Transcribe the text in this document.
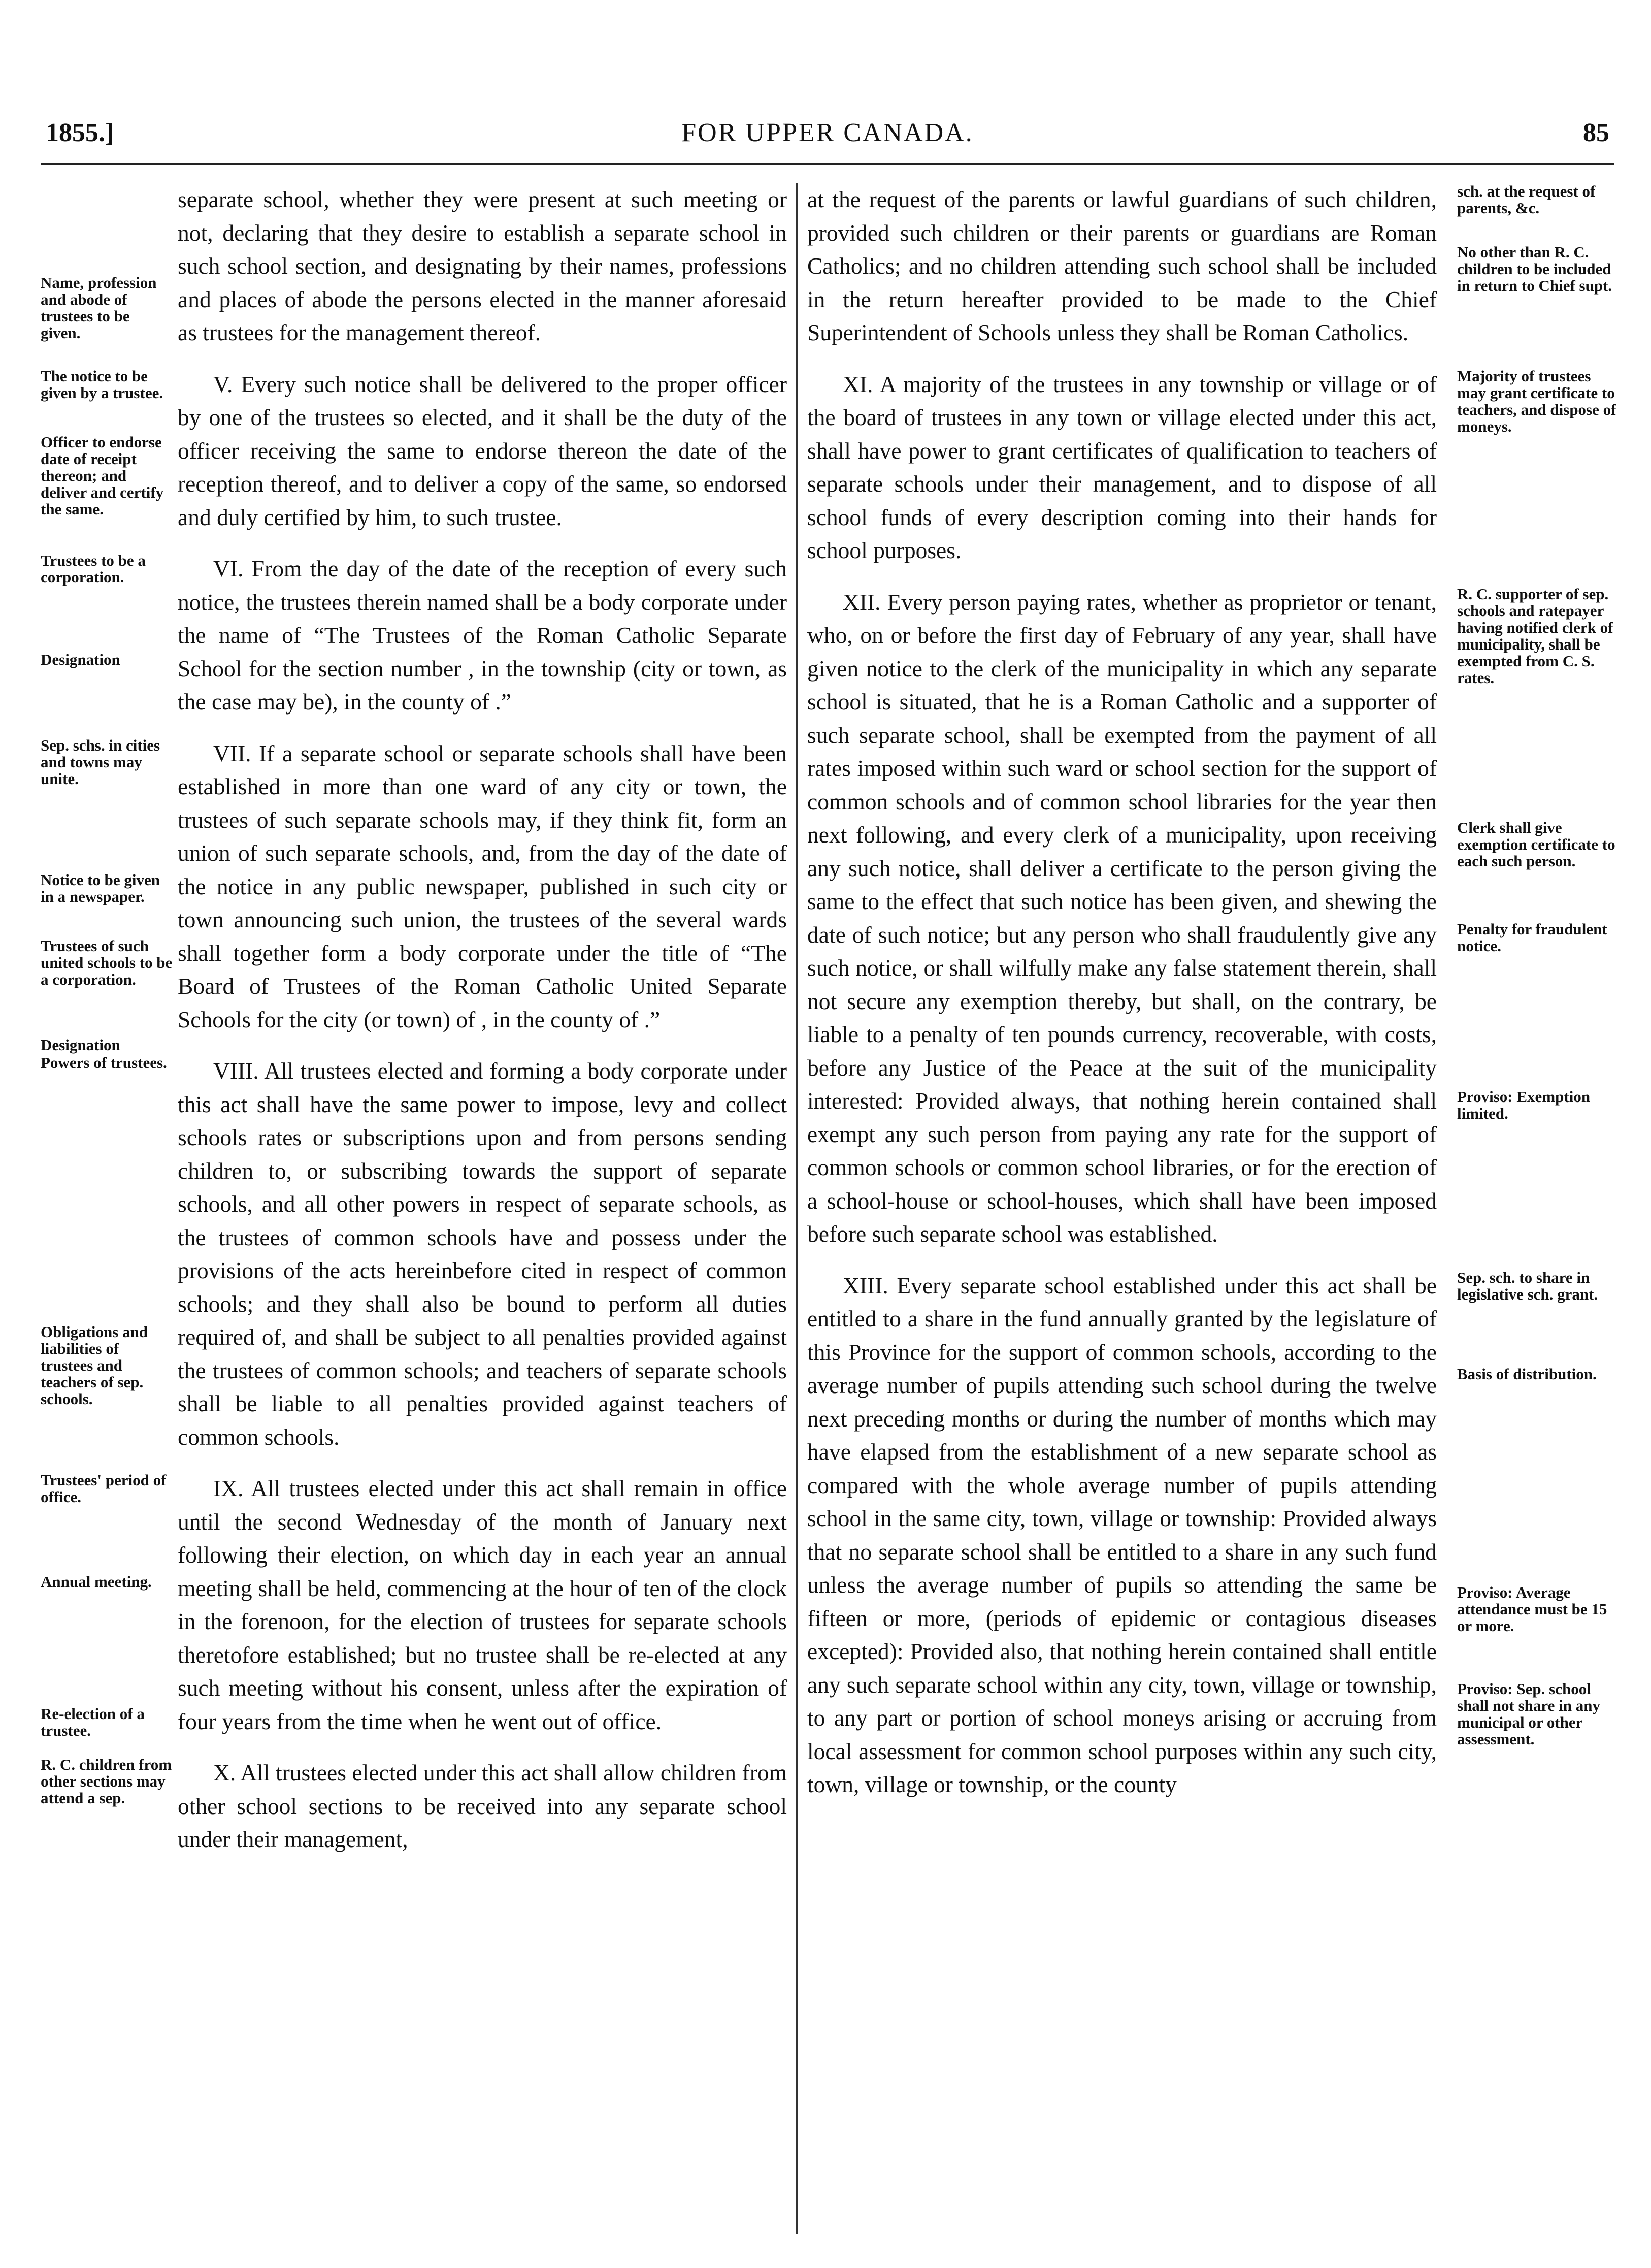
1855.]	FOR UPPER CANADA.	85

separate school, whether they were present at such meeting or not, declaring that they desire to establish a separate school in such school section, and designating by their names, professions and places of abode the persons elected in the manner aforesaid as trustees for the management thereof.

Name, profession and abode of trustees to be given.

V. Every such notice shall be delivered to the proper officer by one of the trustees so elected, and it shall be the duty of the officer receiving the same to endorse thereon the date of the reception thereof, and to deliver a copy of the same, so endorsed and duly certified by him, to such trustee.

The notice to be given by a trustee.
Officer to endorse date of receipt thereon; and deliver and certify the same.

VI. From the day of the date of the reception of every such notice, the trustees therein named shall be a body corporate under the name of “The Trustees of the Roman Catholic Separate School for the section number , in the township (city or town, as the case may be), in the county of .”

Trustees to be a corporation.
Designation

VII. If a separate school or separate schools shall have been established in more than one ward of any city or town, the trustees of such separate schools may, if they think fit, form an union of such separate schools, and, from the day of the date of the notice in any public newspaper, published in such city or town announcing such union, the trustees of the several wards shall together form a body corporate under the title of “The Board of Trustees of the Roman Catholic United Separate Schools for the city (or town) of , in the county of .”

Sep. schs. in cities and towns may unite.
Notice to be given in a newspaper.
Trustees of such united schools to be a corporation.
Designation

VIII. All trustees elected and forming a body corporate under this act shall have the same power to impose, levy and collect schools rates or subscriptions upon and from persons sending children to, or subscribing towards the support of separate schools, and all other powers in respect of separate schools, as the trustees of common schools have and possess under the provisions of the acts hereinbefore cited in respect of common schools; and they shall also be bound to perform all duties required of, and shall be subject to all penalties provided against the trustees of common schools; and teachers of separate schools shall be liable to all penalties provided against teachers of common schools.

Powers of trustees.
Obligations and liabilities of trustees and teachers of sep. schools.

IX. All trustees elected under this act shall remain in office until the second Wednesday of the month of January next following their election, on which day in each year an annual meeting shall be held, commencing at the hour of ten of the clock in the forenoon, for the election of trustees for separate schools theretofore established; but no trustee shall be re-elected at any such meeting without his consent, unless after the expiration of four years from the time when he went out of office.

Trustees' period of office.
Annual meeting.
Re-election of a trustee.

X. All trustees elected under this act shall allow children from other school sections to be received into any separate school under their management,

R. C. children from other sections may attend a sep.

at the request of the parents or lawful guardians of such children, provided such children or their parents or guardians are Roman Catholics; and no children attending such school shall be included in the return hereafter provided to be made to the Chief Superintendent of Schools unless they shall be Roman Catholics.

sch. at the request of parents, &c.
No other than R. C. children to be included in return to Chief supt.

XI. A majority of the trustees in any township or village or of the board of trustees in any town or village elected under this act, shall have power to grant certificates of qualification to teachers of separate schools under their management, and to dispose of all school funds of every description coming into their hands for school purposes.

Majority of trustees may grant certificate to teachers, and dispose of moneys.

XII. Every person paying rates, whether as proprietor or tenant, who, on or before the first day of February of any year, shall have given notice to the clerk of the municipality in which any separate school is situated, that he is a Roman Catholic and a supporter of such separate school, shall be exempted from the payment of all rates imposed within such ward or school section for the support of common schools and of common school libraries for the year then next following, and every clerk of a municipality, upon receiving any such notice, shall deliver a certificate to the person giving the same to the effect that such notice has been given, and shewing the date of such notice; but any person who shall fraudulently give any such notice, or shall wilfully make any false statement therein, shall not secure any exemption thereby, but shall, on the contrary, be liable to a penalty of ten pounds currency, recoverable, with costs, before any Justice of the Peace at the suit of the municipality interested: Provided always, that nothing herein contained shall exempt any such person from paying any rate for the support of common schools or common school libraries, or for the erection of a school-house or school-houses, which shall have been imposed before such separate school was established.

R. C. supporter of sep. schools and ratepayer having notified clerk of municipality, shall be exempted from C. S. rates.
Clerk shall give exemption certificate to each such person.
Penalty for fraudulent notice.
Proviso: Exemption limited.

XIII. Every separate school established under this act shall be entitled to a share in the fund annually granted by the legislature of this Province for the support of common schools, according to the average number of pupils attending such school during the twelve next preceding months or during the number of months which may have elapsed from the establishment of a new separate school as compared with the whole average number of pupils attending school in the same city, town, village or township: Provided always that no separate school shall be entitled to a share in any such fund unless the average number of pupils so attending the same be fifteen or more, (periods of epidemic or contagious diseases excepted): Provided also, that nothing herein contained shall entitle any such separate school within any city, town, village or township, to any part or portion of school moneys arising or accruing from local assessment for common school purposes within any such city, town, village or township, or the county

Sep. sch. to share in legislative sch. grant.
Basis of distribution.
Proviso: Average attendance must be 15 or more.
Proviso: Sep. school shall not share in any municipal or other assessment.
